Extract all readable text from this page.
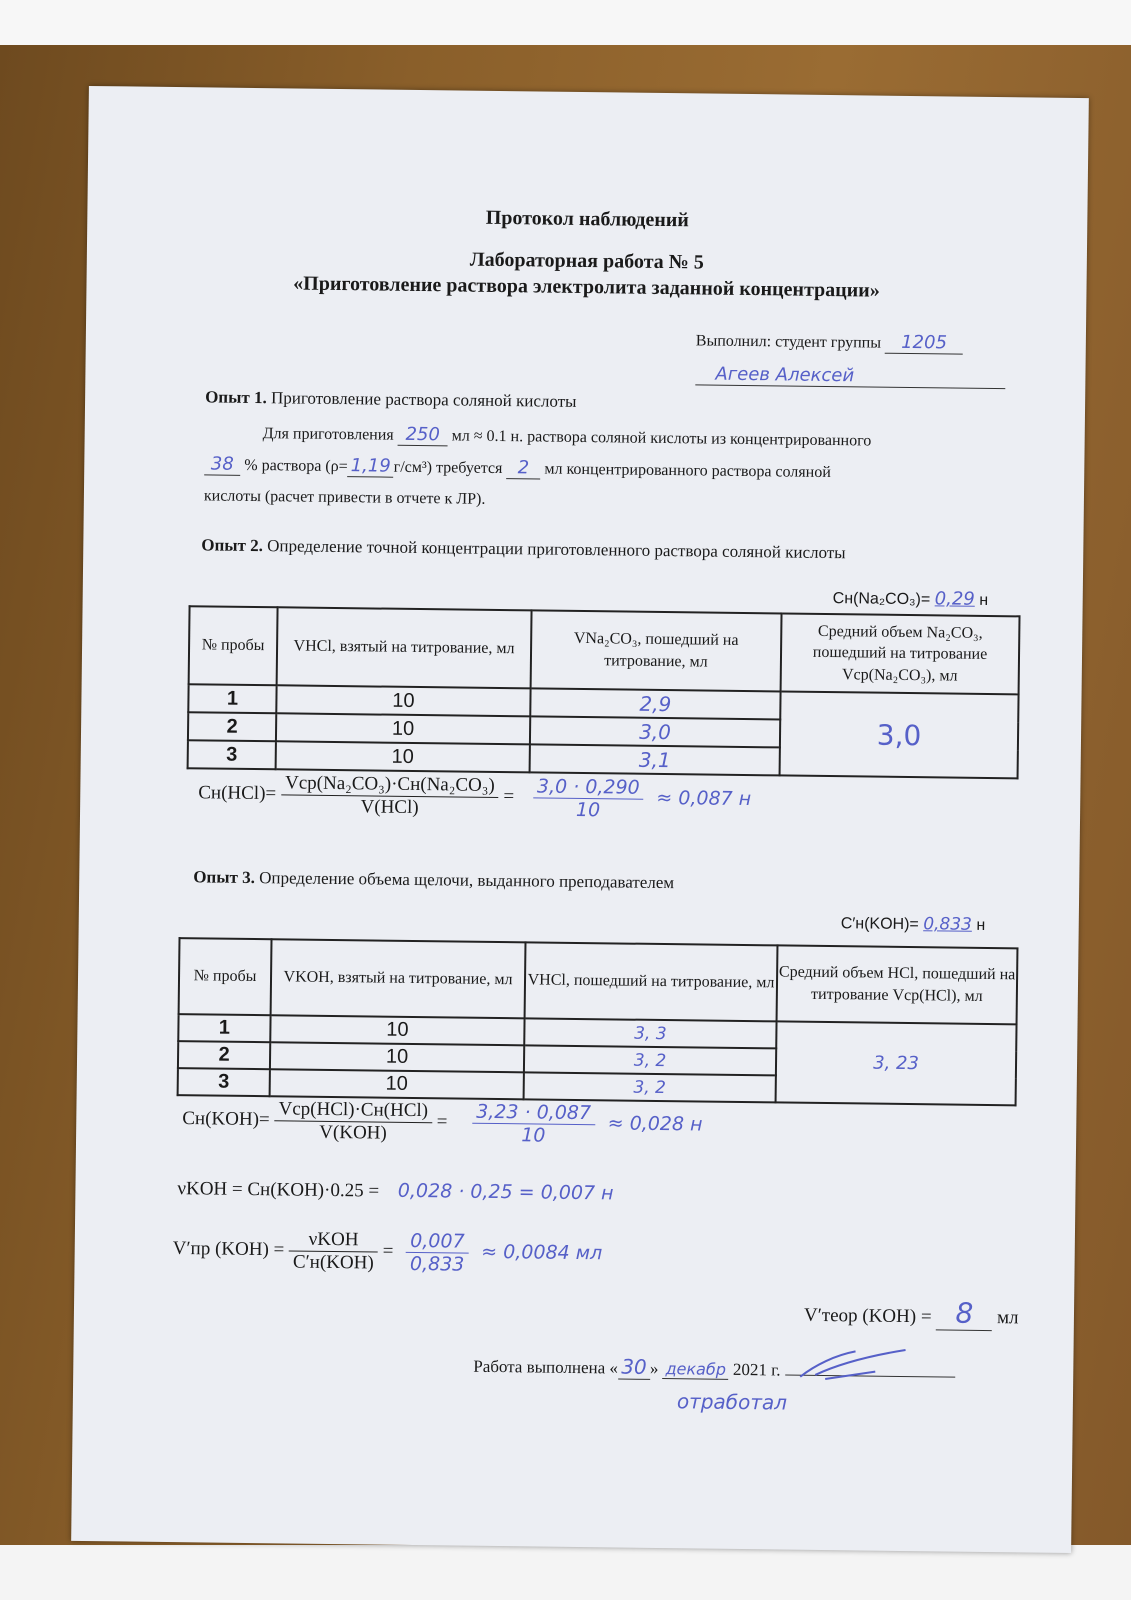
Протокол наблюдений
Лабораторная работа № 5
«Приготовление раствора электролита заданной концентрации»
Выполнил: студент группы 1205
Агеев Алексей
Опыт 1. Приготовление раствора соляной кислоты
Для приготовления 250 мл ≈ 0.1 н. раствора соляной кислоты из концентрированного
38 % раствора (ρ= 1,19 г/см³) требуется 2 мл концентрированного раствора соляной
кислоты (расчет привести в отчете к ЛР).
Опыт 2. Определение точной концентрации приготовленного раствора соляной кислоты
Cн(Na₂CO₃)= 0,29 н
№ пробы	VHCl, взятый на титрование, мл	VNa₂CO₃, пошедший на титрование, мл	Средний объем Na₂CO₃, пошедший на титрование Vср(Na₂CO₃), мл
1	10	2,9	3,0
2	10	3,0	
3	10	3,1	
$Cн(HCl)= \frac{\text{Vср(Na₂CO₃)·Cн(Na₂CO₃)}}{\text{V(HCl)}} = \frac{3,0 \cdot 0,290}{10} \approx 0,087$ н
Опыт 3. Определение объема щелочи, выданного преподавателем
C′н(KOH)= 0,833 н
№ пробы	VKOH, взятый на титрование, мл	VHCl, пошедший на титрование, мл	Средний объем HCl, пошедший на титрование Vср(HCl), мл
1	10	3, 3	3, 23
2	10	3, 2	
3	10	3, 2	
$Cн(KOH)= \frac{\text{Vср(HCl)·Cн(HCl)}}{\text{V(KOH)}} = \frac{3,23 \cdot 0,087}{10} \approx 0,028$ н
νKOH = Cн(KOH)·0.25 = 0,028 · 0,25 = 0,007 н
V′пр $(KOH) = \frac{\text{νKOH}}{\text{C′н(KOH)}} = \frac{0,007}{0,833} \approx 0,0084$ мл
V′теор (KOH) = 8 мл
Работа выполнена « 30 » декабр 2021 г.
отработал
